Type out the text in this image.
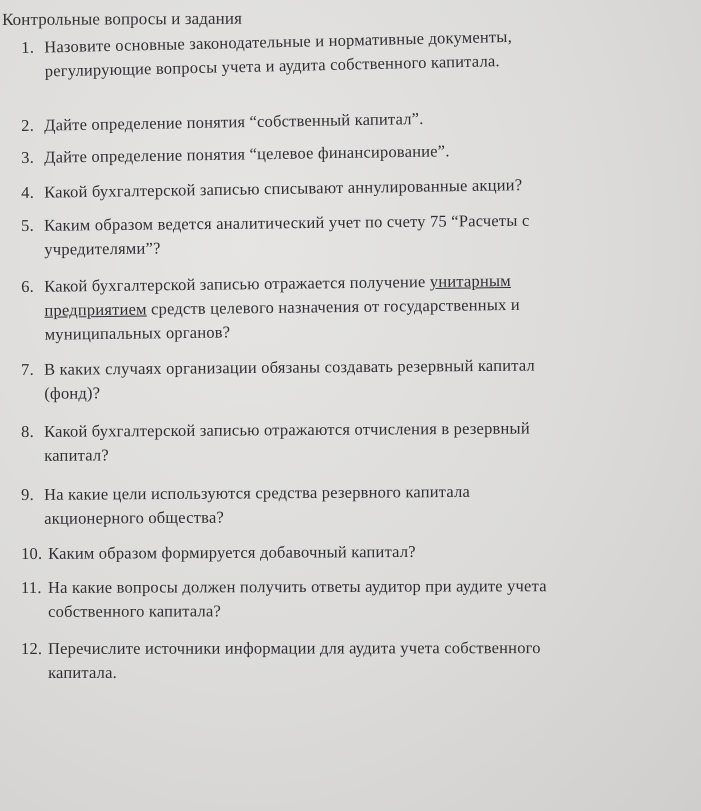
Контрольные вопросы и задания
1. Назовите основные законодательные и нормативные документы,
регулирующие вопросы учета и аудита собственного капитала.
2. Дайте определение понятия “собственный капитал”.
3. Дайте определение понятия “целевое финансирование”.
4. Какой бухгалтерской записью списывают аннулированные акции?
5. Каким образом ведется аналитический учет по счету 75 “Расчеты с
учредителями”?
6. Какой бухгалтерской записью отражается получение унитарным
предприятием средств целевого назначения от государственных и
муниципальных органов?
7. В каких случаях организации обязаны создавать резервный капитал
(фонд)?
8. Какой бухгалтерской записью отражаются отчисления в резервный
капитал?
9. На какие цели используются средства резервного капитала
акционерного общества?
10. Каким образом формируется добавочный капитал?
11. На какие вопросы должен получить ответы аудитор при аудите учета
собственного капитала?
12. Перечислите источники информации для аудита учета собственного
капитала.
